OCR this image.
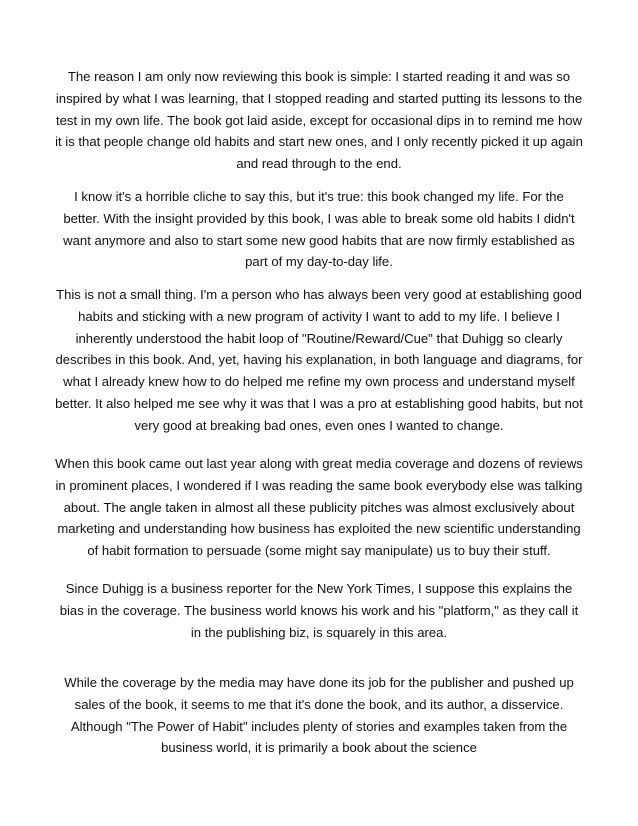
The reason I am only now reviewing this book is simple: I started reading it and was so inspired by what I was learning, that I stopped reading and started putting its lessons to the test in my own life. The book got laid aside, except for occasional dips in to remind me how it is that people change old habits and start new ones, and I only recently picked it up again and read through to the end.

I know it's a horrible cliche to say this, but it's true: this book changed my life. For the better. With the insight provided by this book, I was able to break some old habits I didn't want anymore and also to start some new good habits that are now firmly established as part of my day-to-day life.

This is not a small thing. I'm a person who has always been very good at establishing good habits and sticking with a new program of activity I want to add to my life. I believe I inherently understood the habit loop of "Routine/Reward/Cue" that Duhigg so clearly describes in this book. And, yet, having his explanation, in both language and diagrams, for what I already knew how to do helped me refine my own process and understand myself better. It also helped me see why it was that I was a pro at establishing good habits, but not very good at breaking bad ones, even ones I wanted to change.

When this book came out last year along with great media coverage and dozens of reviews in prominent places, I wondered if I was reading the same book everybody else was talking about. The angle taken in almost all these publicity pitches was almost exclusively about marketing and understanding how business has exploited the new scientific understanding of habit formation to persuade (some might say manipulate) us to buy their stuff.

Since Duhigg is a business reporter for the New York Times, I suppose this explains the bias in the coverage. The business world knows his work and his "platform," as they call it in the publishing biz, is squarely in this area.

While the coverage by the media may have done its job for the publisher and pushed up sales of the book, it seems to me that it's done the book, and its author, a disservice. Although "The Power of Habit" includes plenty of stories and examples taken from the business world, it is primarily a book about the science
